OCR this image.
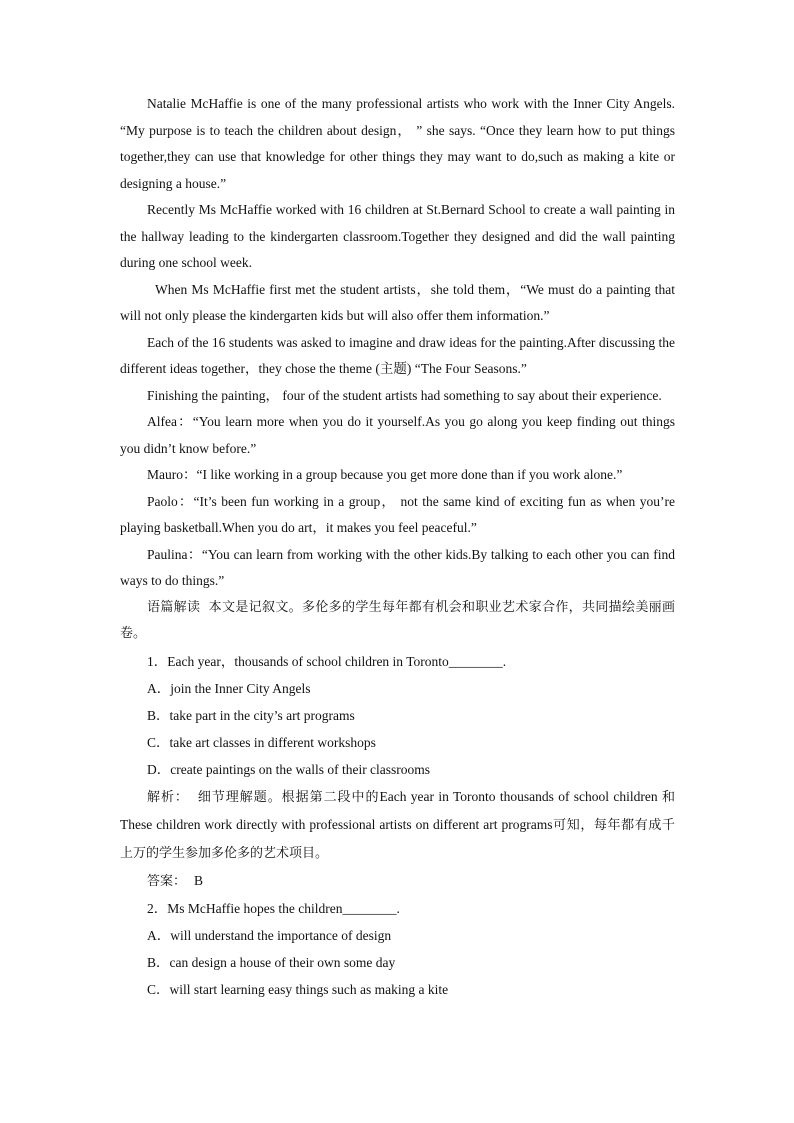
Natalie McHaffie is one of the many professional artists who work with the Inner City Angels. “My purpose is to teach the children about design， ” she says. “Once they learn how to put things together,they can use that knowledge for other things they may want to do,such as making a kite or designing a house.”

Recently Ms McHaffie worked with 16 children at St.Bernard School to create a wall painting in the hallway leading to the kindergarten classroom.Together they designed and did the wall painting during one school week.

When Ms McHaffie first met the student artists，she told them，“We must do a painting that will not only please the kindergarten kids but will also offer them information.”

Each of the 16 students was asked to imagine and draw ideas for the painting.After discussing the different ideas together，they chose the theme (主题) “The Four Seasons.”

Finishing the painting， four of the student artists had something to say about their experience.

Alfea：“You learn more when you do it yourself.As you go along you keep finding out things you didn’t know before.”

Mauro：“I like working in a group because you get more done than if you work alone.”

Paolo：“It’s been fun working in a group， not the same kind of exciting fun as when you’re playing basketball.When you do art，it makes you feel peaceful.”

Paulina：“You can learn from working with the other kids.By talking to each other you can find ways to do things.”

语篇解读 本文是记叙文。多伦多的学生每年都有机会和职业艺术家合作，共同描绘美丽画卷。

1．Each year，thousands of school children in Toronto________.

A．join the Inner City Angels

B．take part in the city’s art programs

C．take art classes in different workshops

D．create paintings on the walls of their classrooms

解析： 细节理解题。根据第二段中的Each year in Toronto thousands of school children 和 These children work directly with professional artists on different art programs可知，每年都有成千上万的学生参加多伦多的艺术项目。

答案： B

2．Ms McHaffie hopes the children________.

A．will understand the importance of design

B．can design a house of their own some day

C．will start learning easy things such as making a kite
